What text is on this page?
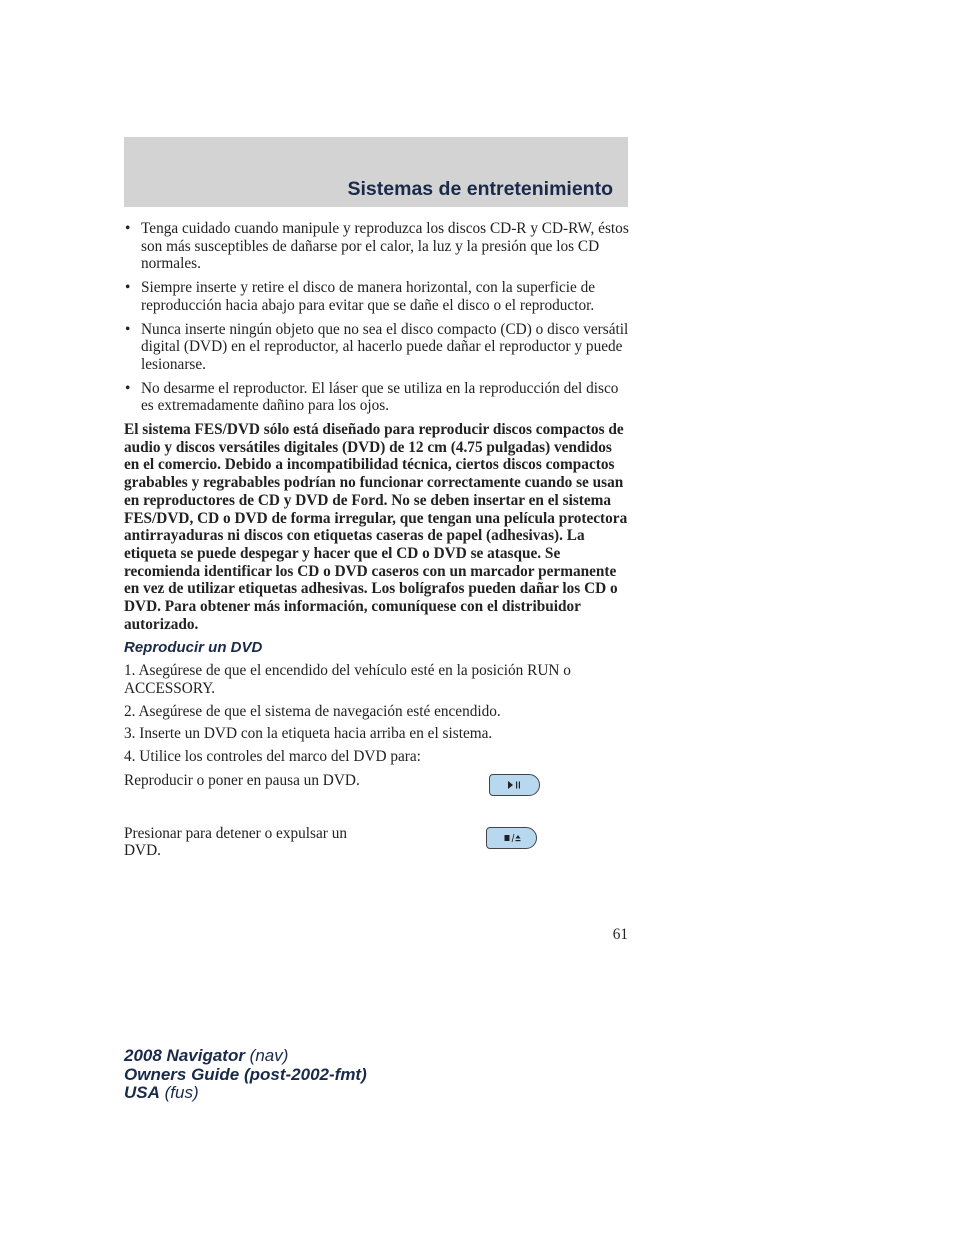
Sistemas de entretenimiento
• Tenga cuidado cuando manipule y reproduzca los discos CD-R y CD-RW, éstos son más susceptibles de dañarse por el calor, la luz y la presión que los CD normales.
• Siempre inserte y retire el disco de manera horizontal, con la superficie de reproducción hacia abajo para evitar que se dañe el disco o el reproductor.
• Nunca inserte ningún objeto que no sea el disco compacto (CD) o disco versátil digital (DVD) en el reproductor, al hacerlo puede dañar el reproductor y puede lesionarse.
• No desarme el reproductor. El láser que se utiliza en la reproducción del disco es extremadamente dañino para los ojos.

El sistema FES/DVD sólo está diseñado para reproducir discos compactos de audio y discos versátiles digitales (DVD) de 12 cm (4.75 pulgadas) vendidos en el comercio. Debido a incompatibilidad técnica, ciertos discos compactos grabables y regrabables podrían no funcionar correctamente cuando se usan en reproductores de CD y DVD de Ford. No se deben insertar en el sistema FES/DVD, CD o DVD de forma irregular, que tengan una película protectora antirrayaduras ni discos con etiquetas caseras de papel (adhesivas). La etiqueta se puede despegar y hacer que el CD o DVD se atasque. Se recomienda identificar los CD o DVD caseros con un marcador permanente en vez de utilizar etiquetas adhesivas. Los bolígrafos pueden dañar los CD o DVD. Para obtener más información, comuníquese con el distribuidor autorizado.

Reproducir un DVD
1. Asegúrese de que el encendido del vehículo esté en la posición RUN o ACCESSORY.
2. Asegúrese de que el sistema de navegación esté encendido.
3. Inserte un DVD con la etiqueta hacia arriba en el sistema.
4. Utilice los controles del marco del DVD para:
Reproducir o poner en pausa un DVD.
Presionar para detener o expulsar un DVD.
61
2008 Navigator (nav)
Owners Guide (post-2002-fmt)
USA (fus)
